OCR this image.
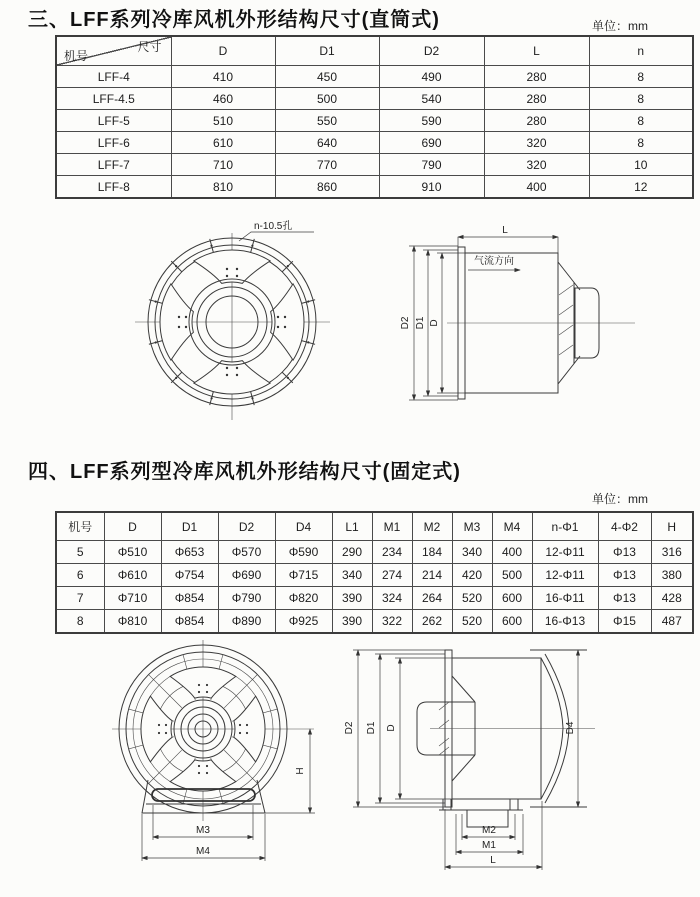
三、LFF系列冷库风机外形结构尺寸(直筒式)	单位：mm
尺寸
机号	D	D1	D2	L	n
LFF-4	410	450	490	280	8
LFF-4.5	460	500	540	280	8
LFF-5	510	550	590	280	8
LFF-6	610	640	690	320	8
LFF-7	710	770	790	320	10
LFF-8	810	860	910	400	12
n-10.5孔	L
气流方向
D2 D1 D
四、LFF系列型冷库风机外形结构尺寸(固定式)
单位：mm
机号	D	D1	D2	D4	L1	M1	M2	M3	M4	n-Φ1	4-Φ2	H
5	Φ510	Φ653	Φ570	Φ590	290	234	184	340	400	12-Φ11	Φ13	316
6	Φ610	Φ754	Φ690	Φ715	340	274	214	420	500	12-Φ11	Φ13	380
7	Φ710	Φ854	Φ790	Φ820	390	324	264	520	600	16-Φ11	Φ13	428
8	Φ810	Φ854	Φ890	Φ925	390	322	262	520	600	16-Φ13	Φ15	487
M3
M4
H
D2 D1 D	D4
M2
M1
L
